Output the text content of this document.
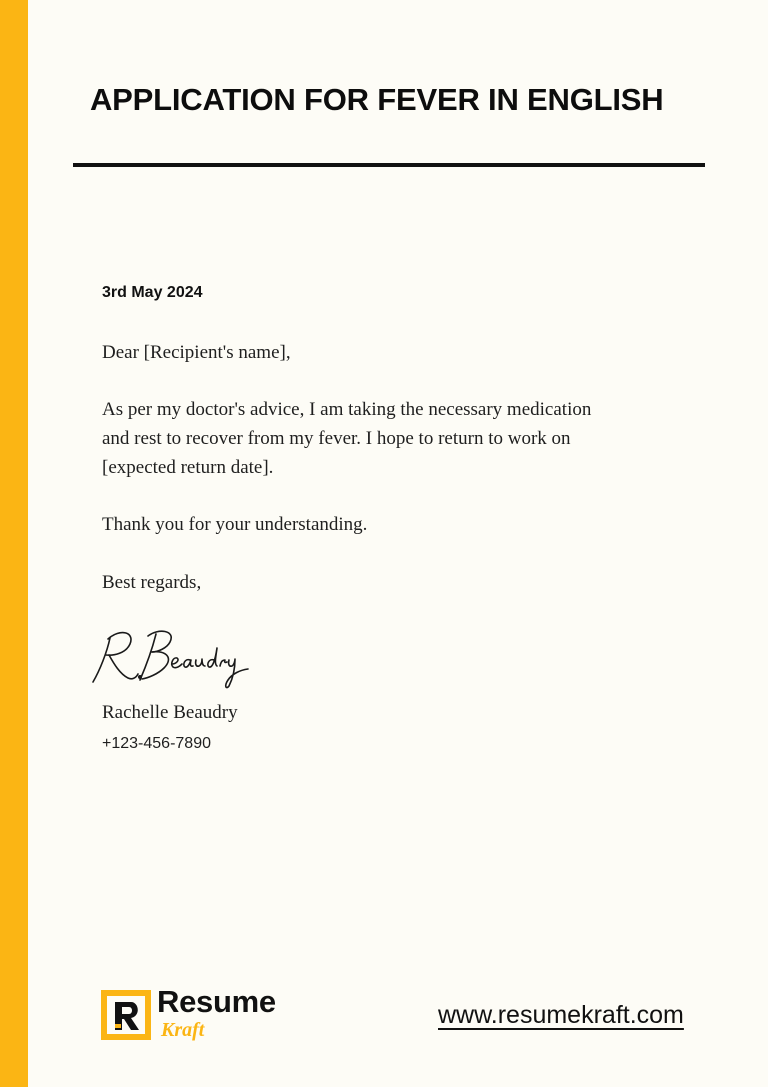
APPLICATION FOR FEVER IN ENGLISH
3rd May 2024

Dear [Recipient's name],

As per my doctor's advice, I am taking the necessary medication
and rest to recover from my fever. I hope to return to work on
[expected return date].

Thank you for your understanding.

Best regards,

Rachelle Beaudry
+123-456-7890
Resume
Kraft
www.resumekraft.com
